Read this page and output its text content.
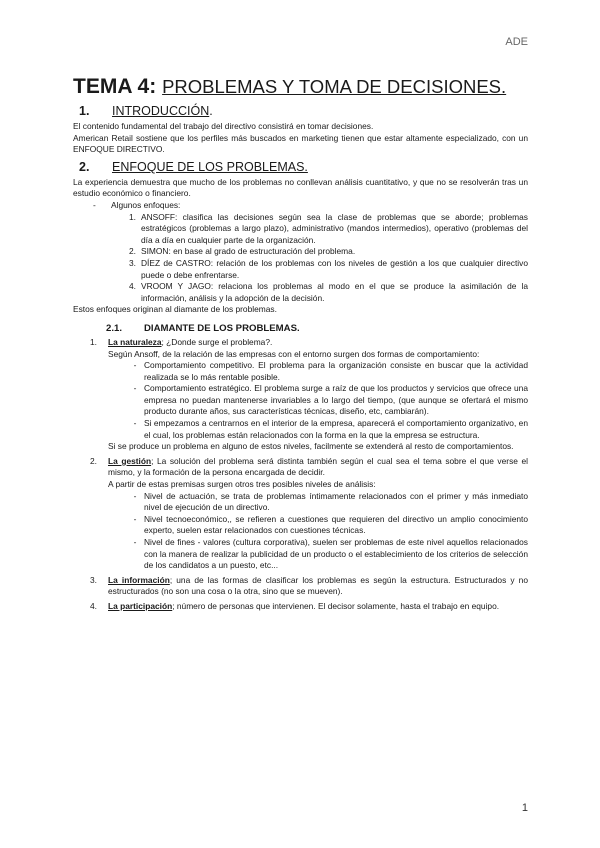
ADE
TEMA 4: PROBLEMAS Y TOMA DE DECISIONES.
1.	INTRODUCCIÓN.

El contenido fundamental del trabajo del directivo consistirá en tomar decisiones.

American Retail sostiene que los perfiles más buscados en marketing tienen que estar altamente especializado, con un ENFOQUE DIRECTIVO.

2.	ENFOQUE DE LOS PROBLEMAS.

La experiencia demuestra que mucho de los problemas no conllevan análisis cuantitativo, y que no se resolverán tras un estudio económico o financiero.

-	Algunos enfoques:
1. ANSOFF: clasifica las decisiones según sea la clase de problemas que se aborde; problemas estratégicos (problemas a largo plazo), administrativo (mandos intermedios), operativo (problemas del día a día en cualquier parte de la organización.
2. SIMON: en base al grado de estructuración del problema.
3. DÍEZ de CASTRO: relación de los problemas con los niveles de gestión a los que cualquier directivo puede o debe enfrentarse.
4. VROOM Y JAGO: relaciona los problemas al modo en el que se produce la asimilación de la información, análisis y la adopción de la decisión.

Estos enfoques originan al diamante de los problemas.

2.1.	DIAMANTE DE LOS PROBLEMAS.
1.	La naturaleza; ¿Donde surge el problema?.

Según Ansoff, de la relación de las empresas con el entorno surgen dos formas de comportamiento:

- Comportamiento competitivo. El problema para la organización consiste en buscar que la actividad realizada se lo más rentable posible.
- Comportamiento estratégico. El problema surge a raíz de que los productos y servicios que ofrece una empresa no puedan mantenerse invariables a lo largo del tiempo, (que aunque se ofertará el mismo producto durante años, sus características técnicas, diseño, etc, cambiarán).
- Si empezamos a centrarnos en el interior de la empresa, aparecerá el comportamiento organizativo, en el cual, los problemas están relacionados con la forma en la que la empresa se estructura.

Si se produce un problema en alguno de estos niveles, facilmente se extenderá al resto de comportamientos.

2.	La gestión; La solución del problema será distinta también según el cual sea el tema sobre el que verse el mismo, y la formación de la persona encargada de decidir.

A partir de estas premisas surgen otros tres posibles niveles de análisis:

- Nivel de actuación, se trata de problemas íntimamente relacionados con el primer y más inmediato nivel de ejecución de un directivo.
- Nivel tecnoeconómico,, se refieren a cuestiones que requieren del directivo un amplio conocimiento experto, suelen estar relacionados con cuestiones técnicas.
- Nivel de fines - valores (cultura corporativa), suelen ser problemas de este nivel aquellos relacionados con la manera de realizar la publicidad de un producto o el establecimiento de los criterios de selección de los candidatos a un puesto, etc...
3.	La información; una de las formas de clasificar los problemas es según la estructura. Estructurados y no estructurados (no son una cosa o la otra, sino que se mueven).

4.	La participación; número de personas que intervienen. El decisor solamente, hasta el trabajo en equipo.

1
